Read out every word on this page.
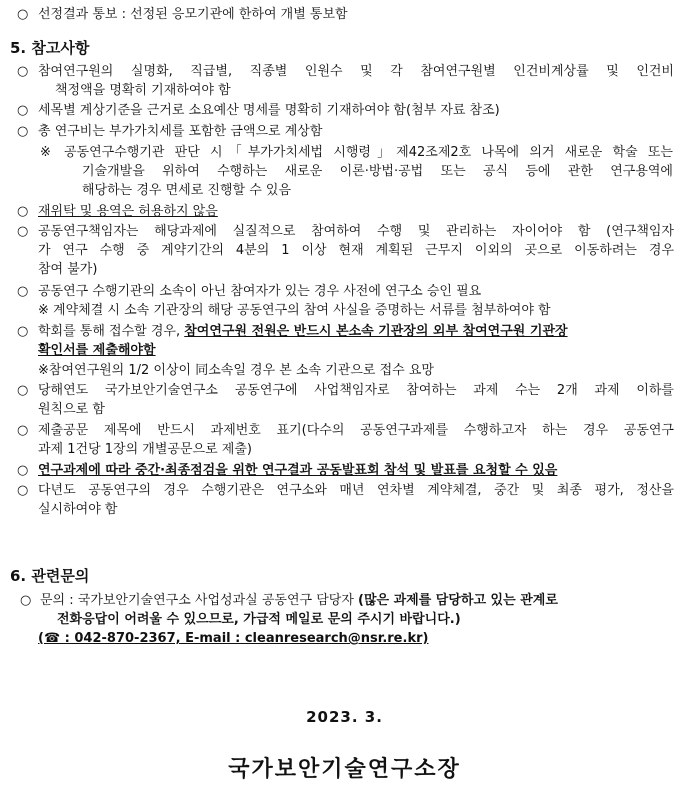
○ 선정결과 통보 : 선정된 응모기관에 한하여 개별 통보함
5. 참고사항
○ 참여연구원의 실명화, 직급별, 직종별 인원수 및 각 참여연구원별 인건비계상률 및 인건비
책정액을 명확히 기재하여야 함
○ 세목별 계상기준을 근거로 소요예산 명세를 명확히 기재하여야 함(첨부 자료 참조)
○ 총 연구비는 부가가치세를 포함한 금액으로 계상함
※ 공동연구수행기관 판단 시「부가가치세법 시행령」제42조제2호 나목에 의거 새로운 학술 또는
기술개발을 위하여 수행하는 새로운 이론·방법·공법 또는 공식 등에 관한 연구용역에
해당하는 경우 면세로 진행할 수 있음
○ 재위탁 및 용역은 허용하지 않음
○ 공동연구책임자는 해당과제에 실질적으로 참여하여 수행 및 관리하는 자이어야 함 (연구책임자
가 연구 수행 중 계약기간의 4분의 1 이상 현재 계획된 근무지 이외의 곳으로 이동하려는 경우
참여 불가)
○ 공동연구 수행기관의 소속이 아닌 참여자가 있는 경우 사전에 연구소 승인 필요
※ 계약체결 시 소속 기관장의 해당 공동연구의 참여 사실을 증명하는 서류를 첨부하여야 함
○ 학회를 통해 접수할 경우, 참여연구원 전원은 반드시 본소속 기관장의 외부 참여연구원 기관장
확인서를 제출해야함
※참여연구원의 1/2 이상이 同소속일 경우 본 소속 기관으로 접수 요망
○ 당해연도 국가보안기술연구소 공동연구에 사업책임자로 참여하는 과제 수는 2개 과제 이하를
원칙으로 함
○ 제출공문 제목에 반드시 과제번호 표기(다수의 공동연구과제를 수행하고자 하는 경우 공동연구
과제 1건당 1장의 개별공문으로 제출)
○ 연구과제에 따라 중간·최종점검을 위한 연구결과 공동발표회 참석 및 발표를 요청할 수 있음
○ 다년도 공동연구의 경우 수행기관은 연구소와 매년 연차별 계약체결, 중간 및 최종 평가, 정산을
실시하여야 함
6. 관련문의
○ 문의 : 국가보안기술연구소 사업성과실 공동연구 담당자 (많은 과제를 담당하고 있는 관계로
전화응답이 어려울 수 있으므로, 가급적 메일로 문의 주시기 바랍니다.)
(☎ : 042-870-2367, E-mail : cleanresearch@nsr.re.kr)
2023. 3.
국가보안기술연구소장
